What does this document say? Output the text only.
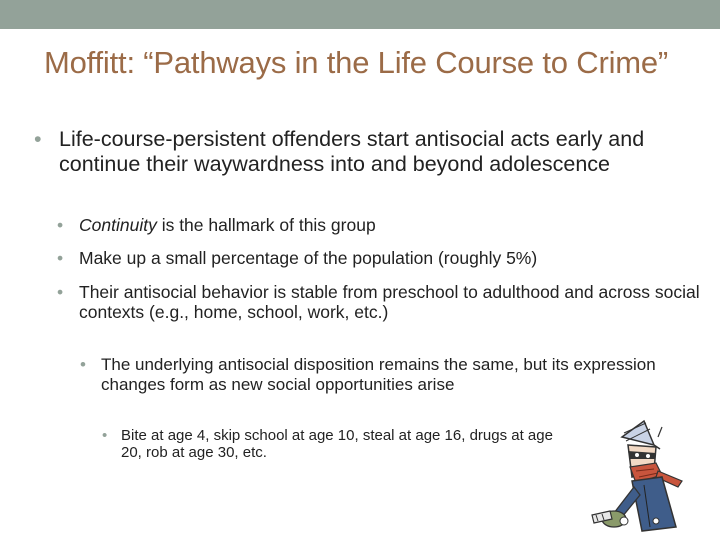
Moffitt: “Pathways in the Life Course to Crime”
• Life-course-persistent offenders start antisocial acts early and continue their waywardness into and beyond adolescence
• Continuity is the hallmark of this group
• Make up a small percentage of the population (roughly 5%)
• Their antisocial behavior is stable from preschool to adulthood and across social contexts (e.g., home, school, work, etc.)
• The underlying antisocial disposition remains the same, but its expression changes form as new social opportunities arise
• Bite at age 4, skip school at age 10, steal at age 16, drugs at age 20, rob at age 30, etc.
